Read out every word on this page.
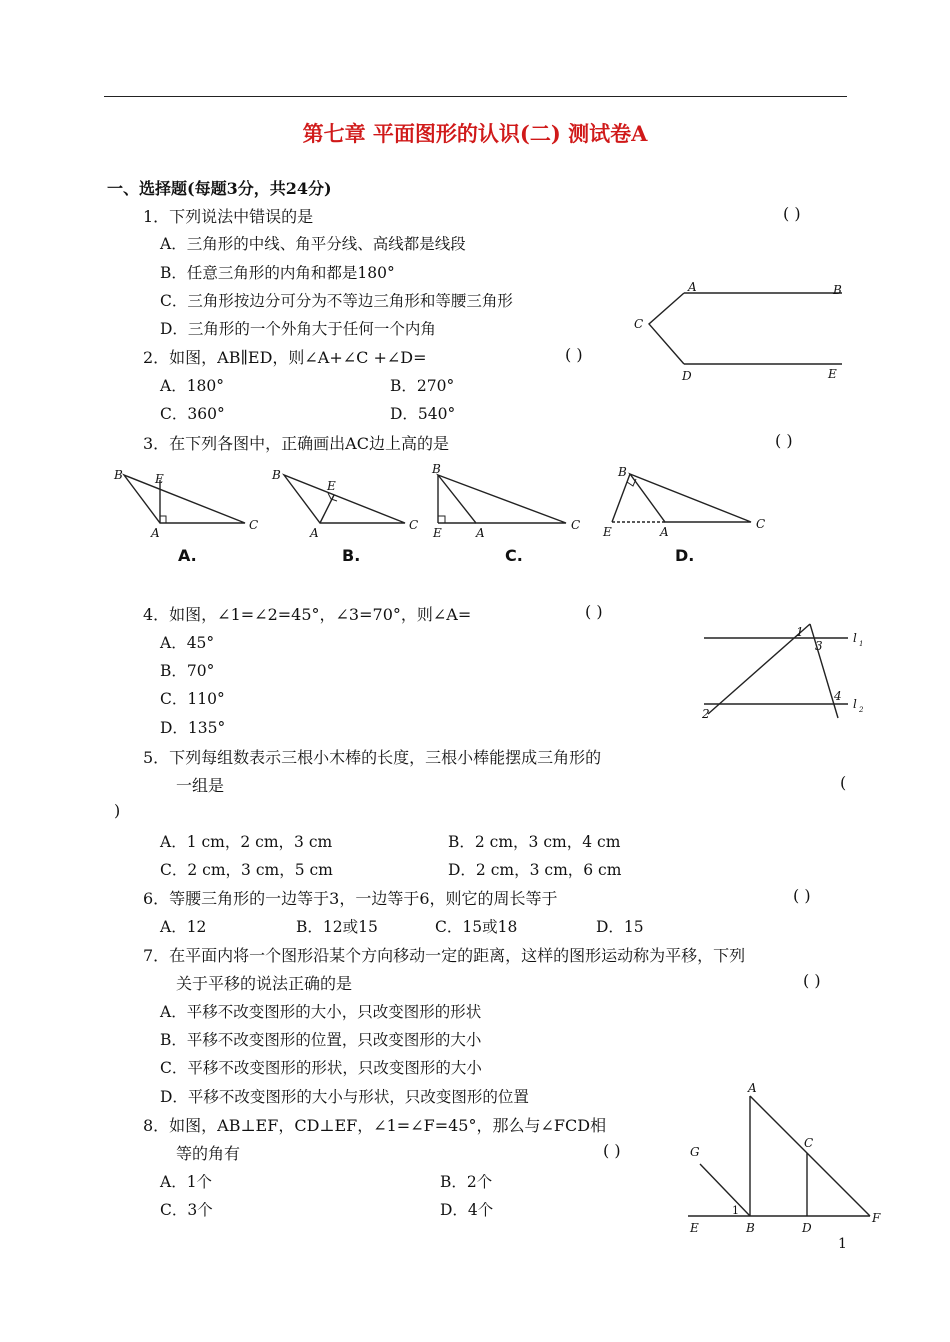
第七章 平面图形的认识(二) 测试卷A
一、选择题(每题3分，共24分)
1．下列说法中错误的是	( )
A．三角形的中线、角平分线、高线都是线段
B．任意三角形的内角和都是180°
C．三角形按边分可分为不等边三角形和等腰三角形
D．三角形的一个外角大于任何一个内角
A	B
C
D	E
2．如图，AB∥ED，则∠A+∠C +∠D=	( )
A．180°	B．270°
C．360°	D．540°
3．在下列各图中，正确画出AC边上高的是	( )
B	E
A
C
A.
B
E
A
C
B.
B
E	A
C
C.
B
E	A
C
D.
4．如图，∠1=∠2=45°，∠3=70°，则∠A=	( )
A．45°
B．70°
C．110°
D．135°
1
3
4
2
l 1
l 2
5．下列每组数表示三根小木棒的长度，三根小棒能摆成三角形的
一组是	(
)
A．1 cm，2 cm，3 cm	B．2 cm，3 cm，4 cm
C．2 cm，3 cm，5 cm	D．2 cm，3 cm，6 cm
6．等腰三角形的一边等于3，一边等于6，则它的周长等于	( )
A．12	B．12或15	C．15或18	D．15
7．在平面内将一个图形沿某个方向移动一定的距离，这样的图形运动称为平移，下列
关于平移的说法正确的是	( )
A．平移不改变图形的大小，只改变图形的形状
B．平移不改变图形的位置，只改变图形的大小
C．平移不改变图形的形状，只改变图形的大小
D．平移不改变图形的大小与形状，只改变图形的位置
8．如图，AB⊥EF，CD⊥EF，∠1=∠F=45°，那么与∠FCD相
等的角有	( )
A．1个	B．2个
C．3个	D．4个
A
C
G
1
E	B	D
F
1
